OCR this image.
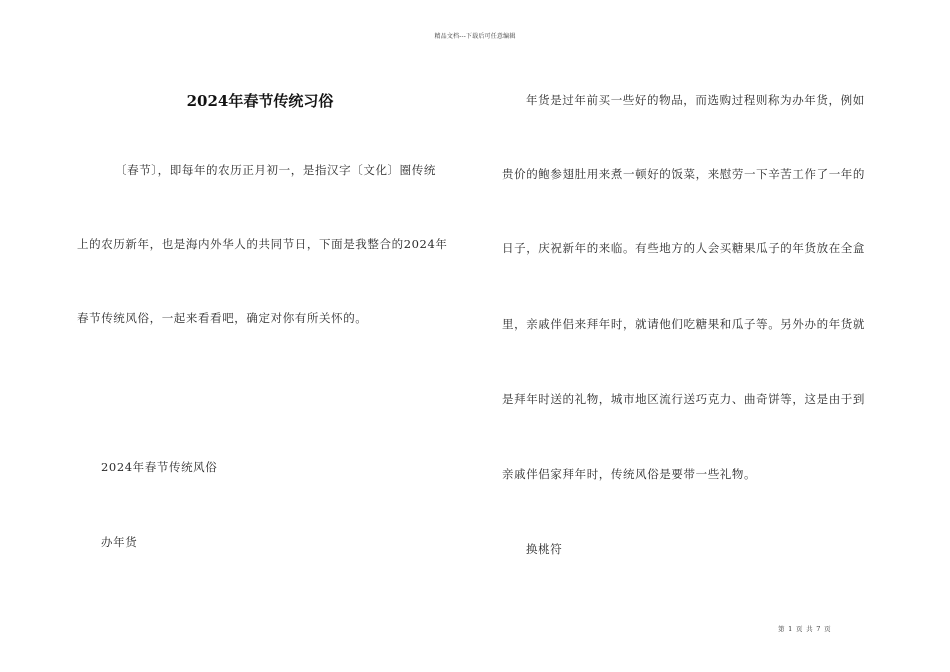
精品文档---下载后可任意编辑
2024年春节传统习俗
〔春节〕，即每年的农历正月初一，是指汉字〔文化〕圈传统
上的农历新年，也是海内外华人的共同节日，下面是我整合的2024年
春节传统风俗，一起来看看吧，确定对你有所关怀的。
2024年春节传统风俗
办年货
年货是过年前买一些好的物品，而选购过程则称为办年货，例如
贵价的鲍参翅肚用来煮一顿好的饭菜，来慰劳一下辛苦工作了一年的
日子，庆祝新年的来临。有些地方的人会买糖果瓜子的年货放在全盒
里，亲戚伴侣来拜年时，就请他们吃糖果和瓜子等。另外办的年货就
是拜年时送的礼物，城市地区流行送巧克力、曲奇饼等，这是由于到
亲戚伴侣家拜年时，传统风俗是要带一些礼物。
换桃符
第 1 页 共 7 页
